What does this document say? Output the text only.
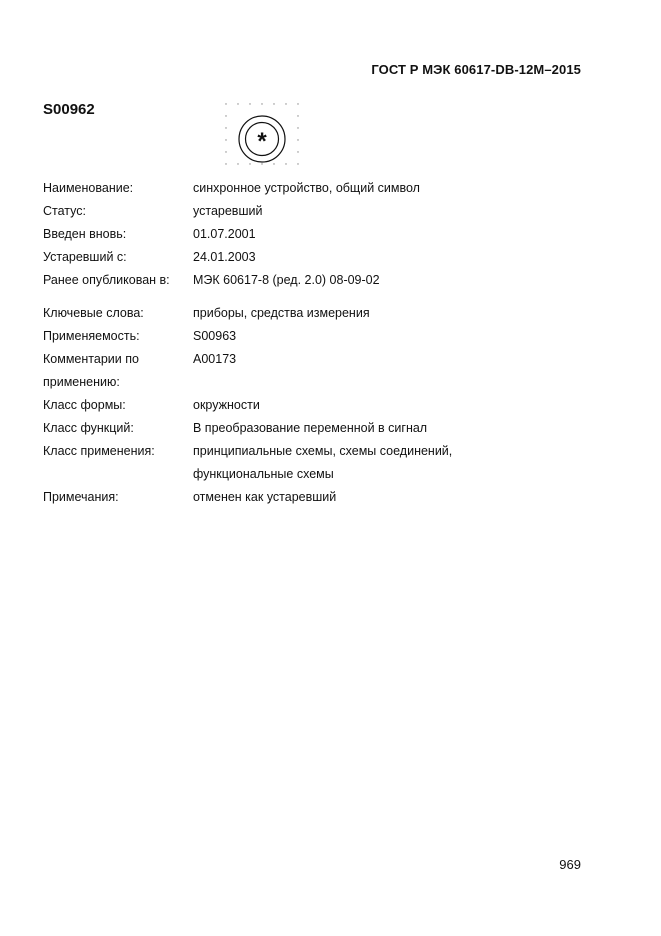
ГОСТ Р МЭК 60617-DB-12M–2015
S00962
*
Наименование:	синхронное устройство, общий символ
Статус:	устаревший
Введен вновь:	01.07.2001
Устаревший с:	24.01.2003
Ранее опубликован в: МЭК 60617-8 (ред. 2.0) 08-09-02
Ключевые слова:	приборы, средства измерения
Применяемость:	S00963
Комментарии по	A00173
применению:
Класс формы:	окружности
Класс функций:	В преобразование переменной в сигнал
Класс применения:	принципиальные схемы, схемы соединений,
функциональные схемы
Примечания:	отменен как устаревший
969
